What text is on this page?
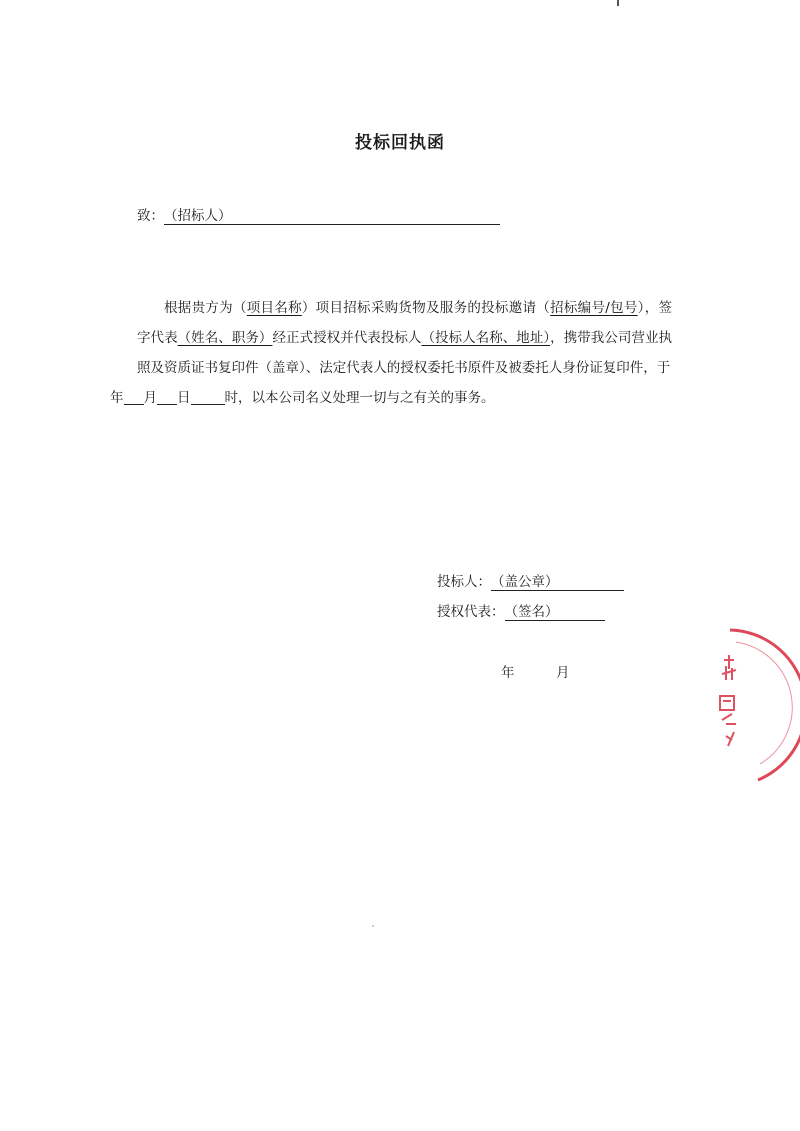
投标回执函
致：（招标人）

根据贵方为（项目名称）项目招标采购货物及服务的投标邀请（招标编号/包号），签字代表（姓名、职务）经正式授权并代表投标人（投标人名称、地址），携带我公司营业执照及资质证书复印件（盖章）、法定代表人的授权委托书原件及被委托人身份证复印件，于
年 月 日	时，以本公司名义处理一切与之有关的事务。

投标人：（盖公章）
授权代表：（签名）
年	月
